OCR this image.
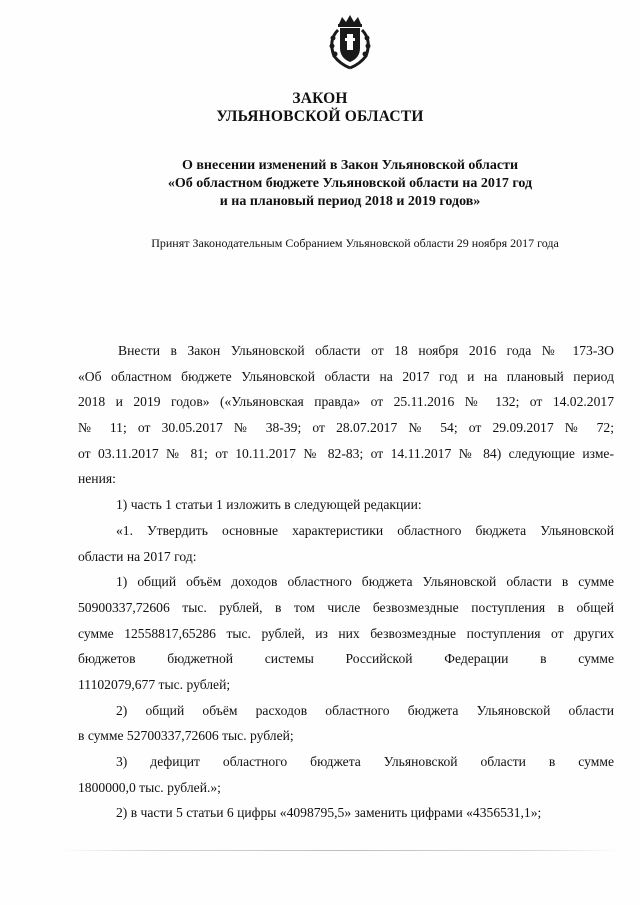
ЗАКОН
УЛЬЯНОВСКОЙ ОБЛАСТИ
О внесении изменений в Закон Ульяновской области
«Об областном бюджете Ульяновской области на 2017 год
и на плановый период 2018 и 2019 годов»
Принят Законодательным Собранием Ульяновской области 29 ноября 2017 года
Внести в Закон Ульяновской области от 18 ноября 2016 года № 173-ЗО
«Об областном бюджете Ульяновской области на 2017 год и на плановый период
2018 и 2019 годов» («Ульяновская правда» от 25.11.2016 № 132; от 14.02.2017
№ 11; от 30.05.2017 № 38-39; от 28.07.2017 № 54; от 29.09.2017 № 72;
от 03.11.2017 № 81; от 10.11.2017 № 82-83; от 14.11.2017 № 84) следующие изме-
нения:
1) часть 1 статьи 1 изложить в следующей редакции:
«1. Утвердить основные характеристики областного бюджета Ульяновской
области на 2017 год:
1) общий объём доходов областного бюджета Ульяновской области в сумме
50900337,72606 тыс. рублей, в том числе безвозмездные поступления в общей
сумме 12558817,65286 тыс. рублей, из них безвозмездные поступления от других
бюджетов бюджетной системы Российской Федерации в сумме
11102079,677 тыс. рублей;
2) общий объём расходов областного бюджета Ульяновской области
в сумме 52700337,72606 тыс. рублей;
3) дефицит областного бюджета Ульяновской области в сумме
1800000,0 тыс. рублей.»;
2) в части 5 статьи 6 цифры «4098795,5» заменить цифрами «4356531,1»;
